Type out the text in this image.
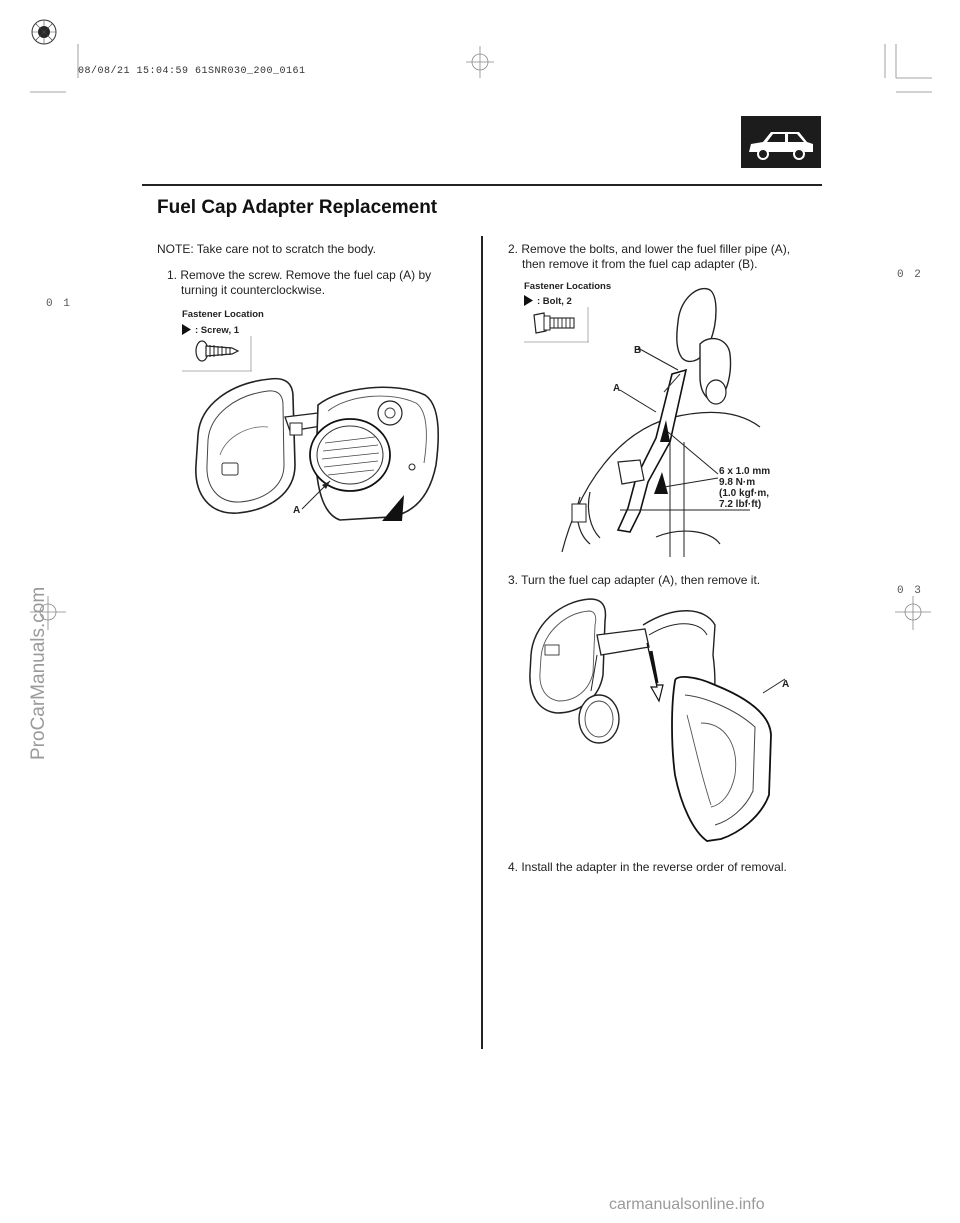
08/08/21 15:04:59 61SNR030_200_0161
Fuel Cap Adapter Replacement
0 2
0 1
0 3
NOTE: Take care not to scratch the body.
1. Remove the screw. Remove the fuel cap (A) by
turning it counterclockwise.
Fastener Location
: Screw, 1
A
2. Remove the bolts, and lower the fuel filler pipe (A),
then remove it from the fuel cap adapter (B).
Fastener Locations
: Bolt, 2
B
A
6 x 1.0 mm
9.8 N·m
(1.0 kgf·m,
7.2 lbf·ft)
3. Turn the fuel cap adapter (A), then remove it.
A
4. Install the adapter in the reverse order of removal.
ProCarManuals.com
carmanualsonline.info
